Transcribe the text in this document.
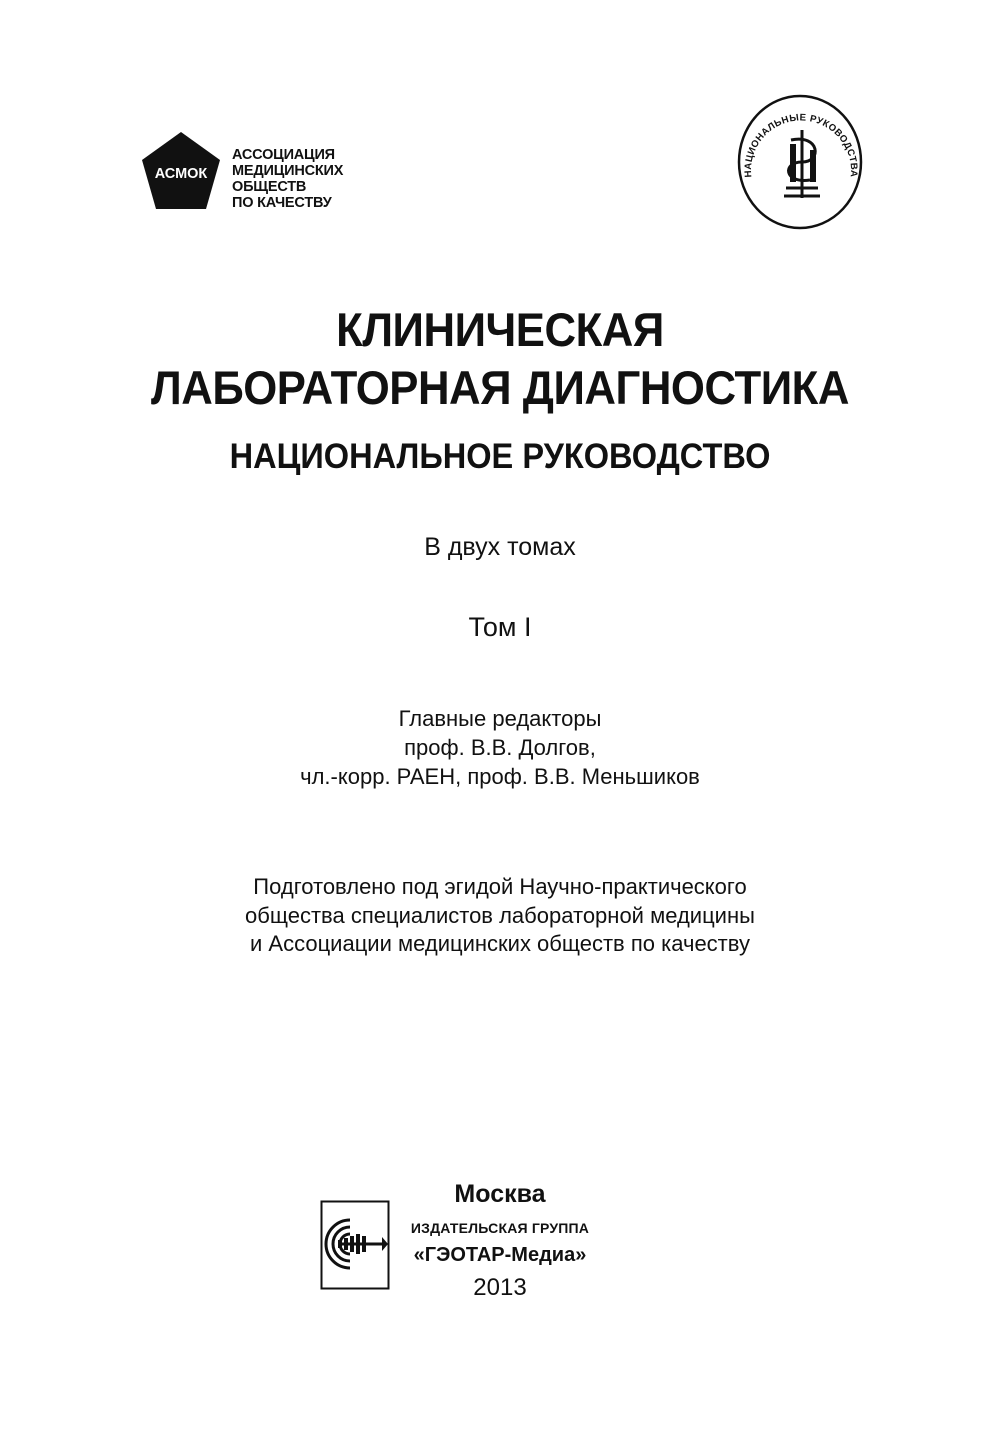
АСМОК
АССОЦИАЦИЯ
МЕДИЦИНСКИХ
ОБЩЕСТВ
ПО КАЧЕСТВУ
НАЦИОНАЛЬНЫЕ РУКОВОДСТВА
КЛИНИЧЕСКАЯ
ЛАБОРАТОРНАЯ ДИАГНОСТИКА
НАЦИОНАЛЬНОЕ РУКОВОДСТВО
В двух томах
Том I
Главные редакторы
проф. В.В. Долгов,
чл.-корр. РАЕН, проф. В.В. Меньшиков
Подготовлено под эгидой Научно-практического
общества специалистов лабораторной медицины
и Ассоциации медицинских обществ по качеству
Москва
ИЗДАТЕЛЬСКАЯ ГРУППА
«ГЭОТАР-Медиа»
2013
